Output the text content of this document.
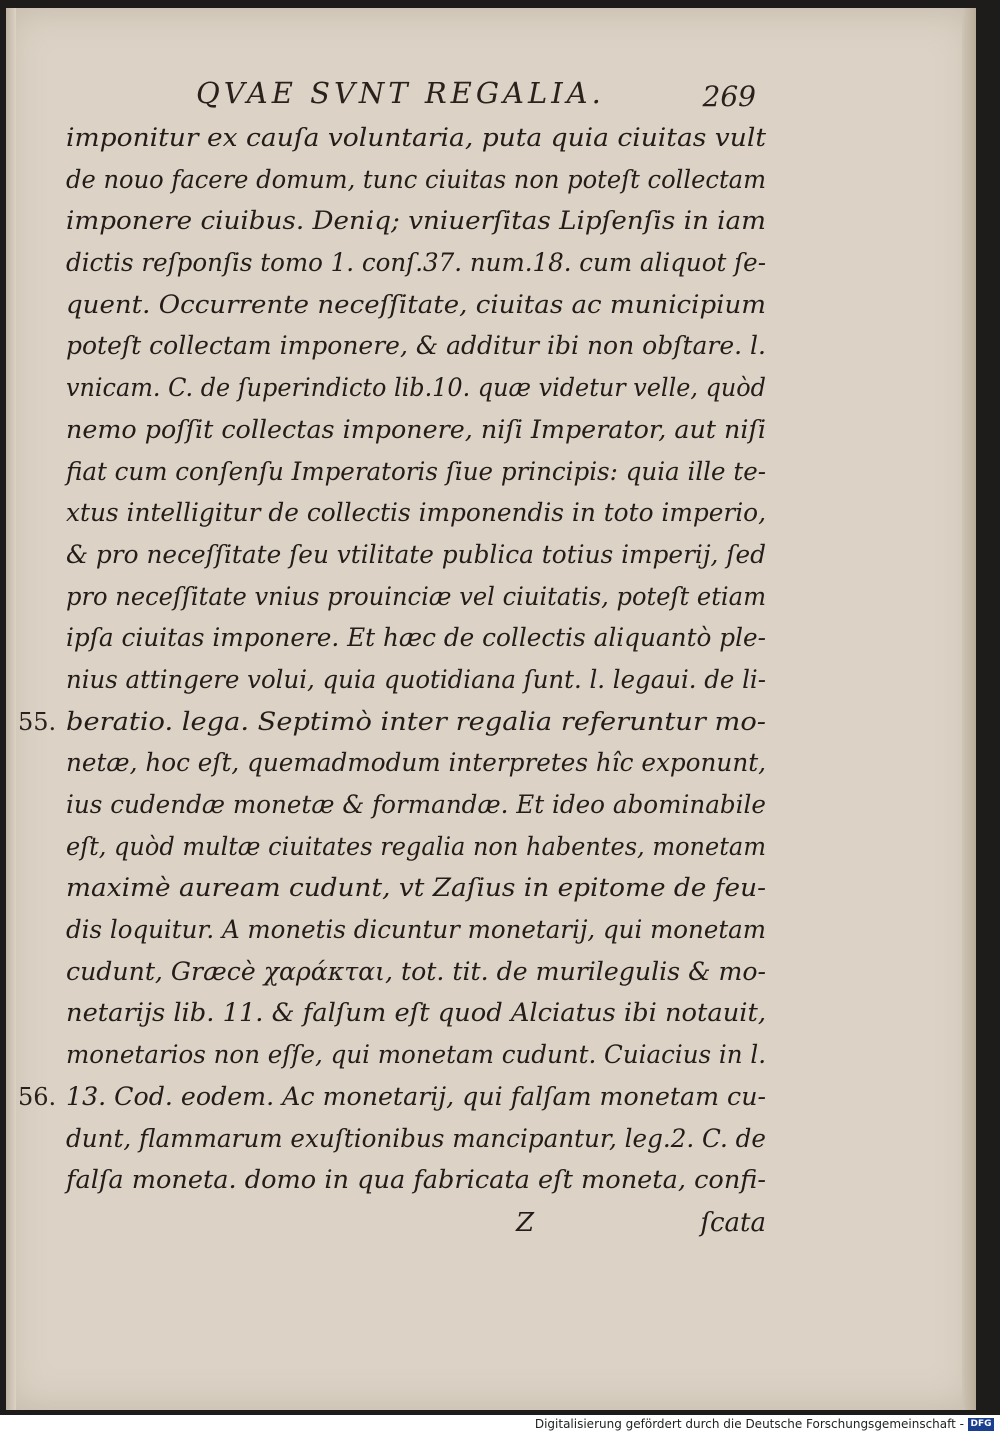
QVAE SVNT REGALIA.	269
imponitur ex cauſa voluntaria, puta quia ciuitas vult
de nouo facere domum, tunc ciuitas non poteſt collectam
imponere ciuibus. Deniq; vniuerſitas Lipſenſis in iam
dictis reſponſis tomo 1. conſ.37. num.18. cum aliquot ſe-
quent. Occurrente neceſſitate, ciuitas ac municipium
poteſt collectam imponere, & additur ibi non obſtare. l.
vnicam. C. de ſuperindicto lib.10. quæ videtur velle, quòd
nemo poſſit collectas imponere, niſi Imperator, aut niſi
fiat cum conſenſu Imperatoris ſiue principis: quia ille te-
xtus intelligitur de collectis imponendis in toto imperio,
& pro neceſſitate ſeu vtilitate publica totius imperij, ſed
pro neceſſitate vnius prouinciæ vel ciuitatis, poteſt etiam
ipſa ciuitas imponere. Et hæc de collectis aliquantò ple-
nius attingere volui, quia quotidiana ſunt. l. legaui. de li-
55. beratio. lega. Septimò inter regalia referuntur mo-
netæ, hoc eſt, quemadmodum interpretes hîc exponunt,
ius cudendæ monetæ & formandæ. Et ideo abominabile
eſt, quòd multæ ciuitates regalia non habentes, monetam
maximè auream cudunt, vt Zaſius in epitome de feu-
dis loquitur. A monetis dicuntur monetarij, qui monetam
cudunt, Græcè χαράκται, tot. tit. de murilegulis & mo-
netarijs lib. 11. & falſum eſt quod Alciatus ibi notauit,
monetarios non eſſe, qui monetam cudunt. Cuiacius in l.
56. 13. Cod. eodem. Ac monetarij, qui falſam monetam cu-
dunt, flammarum exuſtionibus mancipantur, leg.2. C. de
falſa moneta. domo in qua fabricata eſt moneta, confi-
Z	ſcata
Digitalisierung gefördert durch die Deutsche Forschungsgemeinschaft - DFG
